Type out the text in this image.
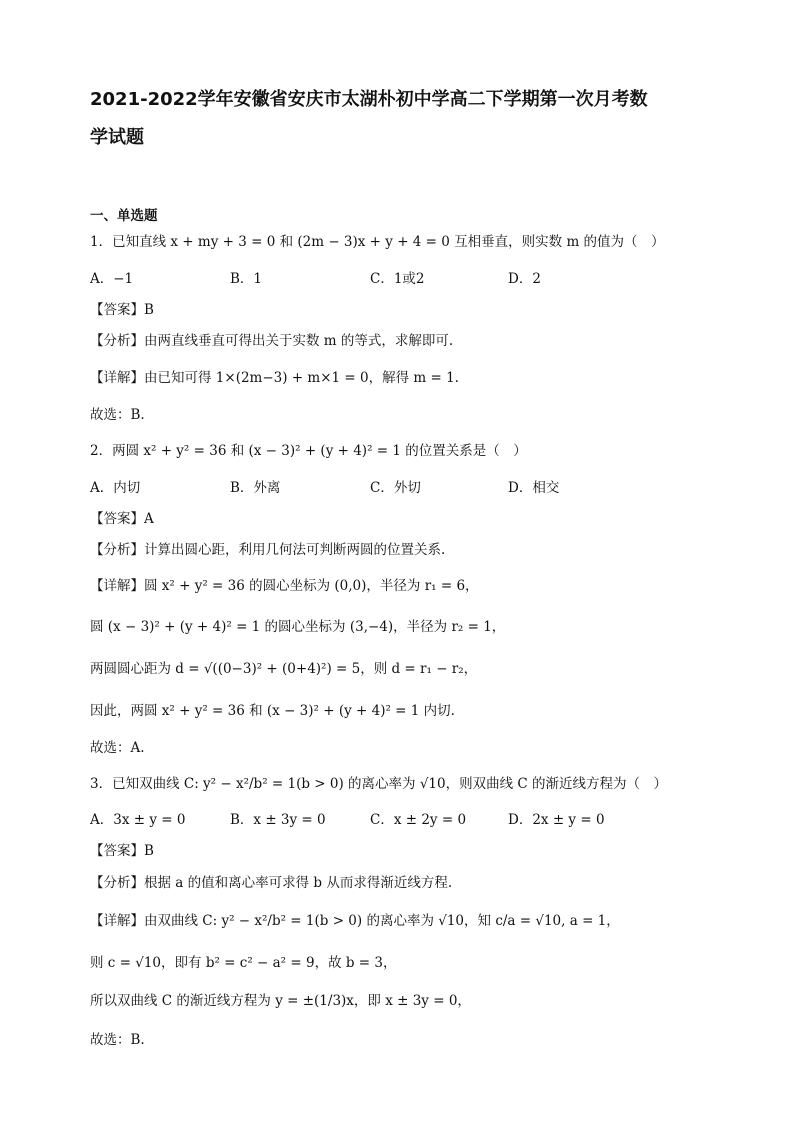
2021-2022学年安徽省安庆市太湖朴初中学高二下学期第一次月考数
学试题
一、单选题
1．已知直线 x + my + 3 = 0 和 (2m − 3)x + y + 4 = 0 互相垂直，则实数 m 的值为（　）
A．−1	B．1	C．1或2	D．2
【答案】B
【分析】由两直线垂直可得出关于实数 m 的等式，求解即可.
【详解】由已知可得 1×(2m−3) + m×1 = 0，解得 m = 1.
故选：B.
2．两圆 x² + y² = 36 和 (x − 3)² + (y + 4)² = 1 的位置关系是（　）
A．内切	B．外离	C．外切	D．相交
【答案】A
【分析】计算出圆心距，利用几何法可判断两圆的位置关系.
【详解】圆 x² + y² = 36 的圆心坐标为 (0,0)，半径为 r₁ = 6，
圆 (x − 3)² + (y + 4)² = 1 的圆心坐标为 (3,−4)，半径为 r₂ = 1，
两圆圆心距为 d = √((0−3)² + (0+4)²) = 5，则 d = r₁ − r₂，
因此，两圆 x² + y² = 36 和 (x − 3)² + (y + 4)² = 1 内切.
故选：A.
3．已知双曲线 C: y² − x²/b² = 1(b > 0) 的离心率为 √10，则双曲线 C 的渐近线方程为（　）
A．3x ± y = 0	B．x ± 3y = 0	C．x ± 2y = 0	D．2x ± y = 0
【答案】B
【分析】根据 a 的值和离心率可求得 b 从而求得渐近线方程.
【详解】由双曲线 C: y² − x²/b² = 1(b > 0) 的离心率为 √10，知 c/a = √10, a = 1，
则 c = √10，即有 b² = c² − a² = 9，故 b = 3，
所以双曲线 C 的渐近线方程为 y = ±(1/3)x，即 x ± 3y = 0，
故选：B.
